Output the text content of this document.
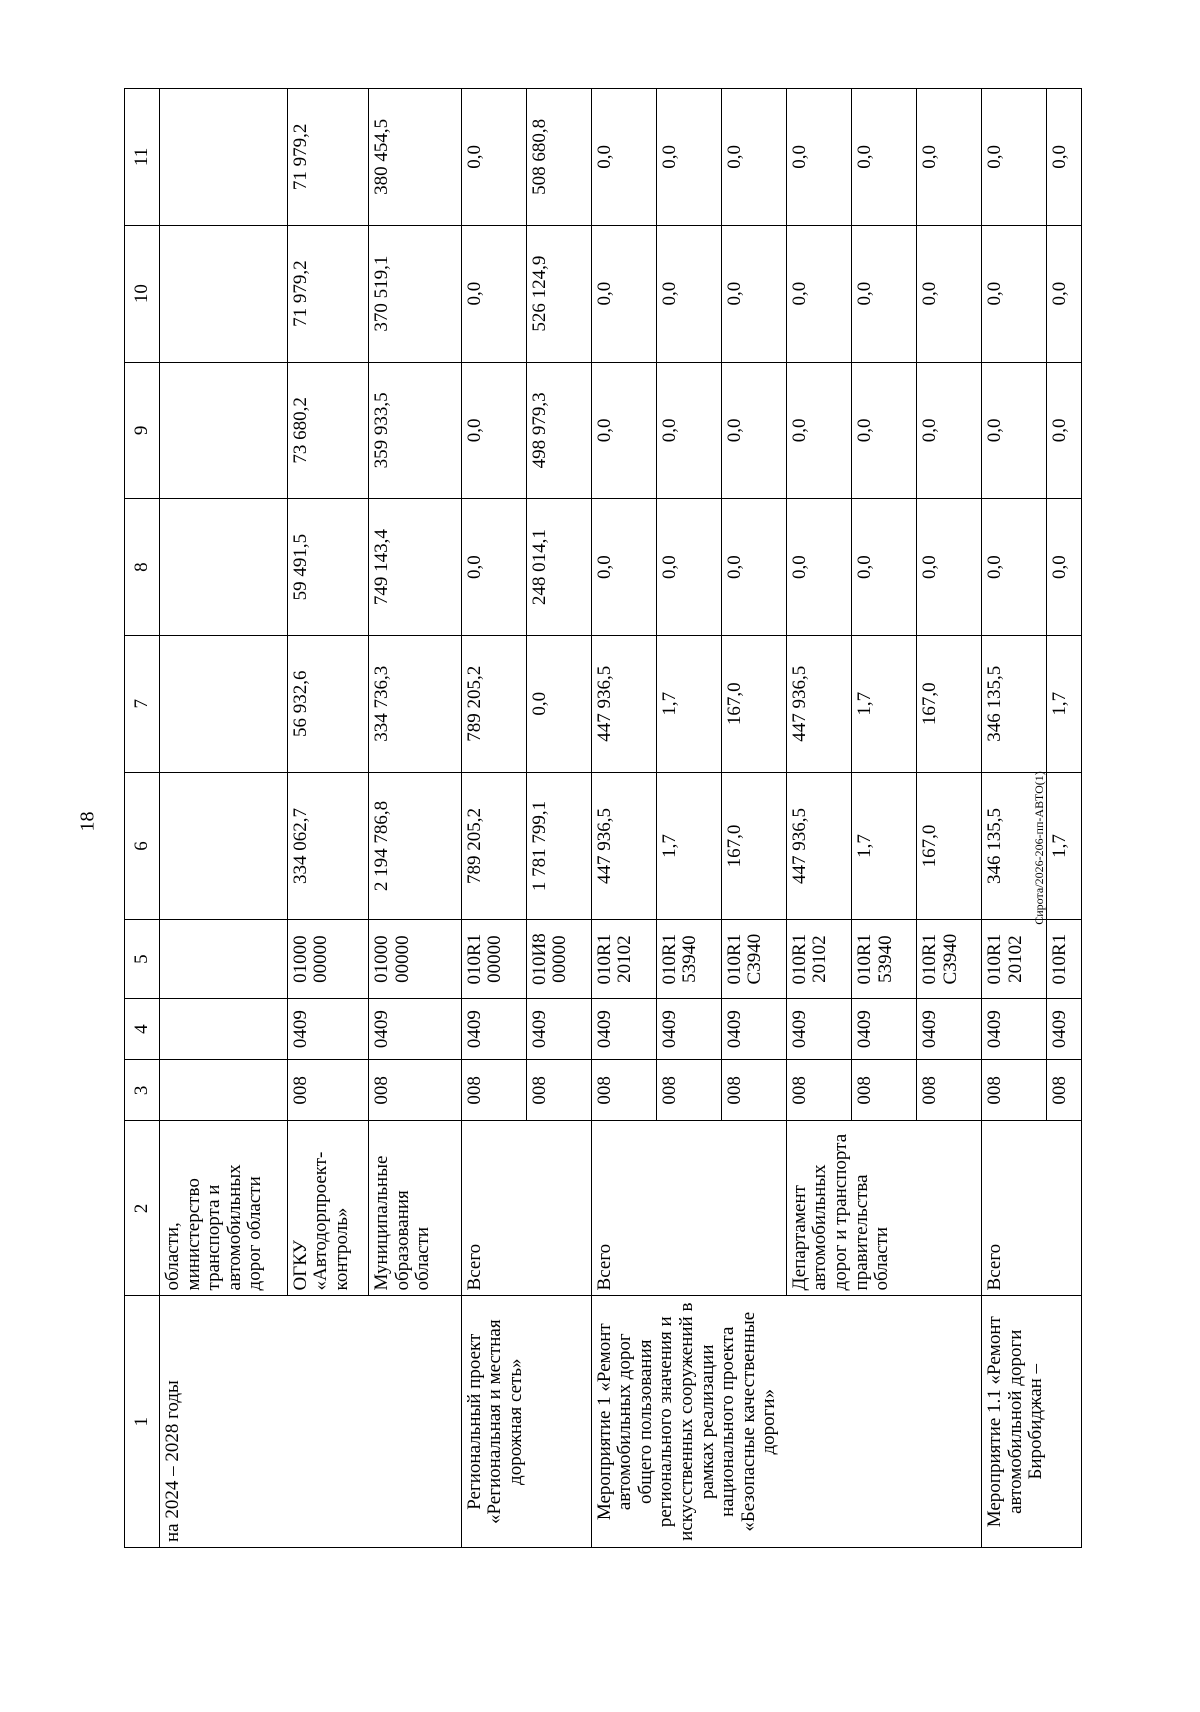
18	Сирота/2026-206-пп-АВТО(1)
1	2	3	4	5	6	7	8	9	10	11
на 2024 – 2028 годы	области, министерство транспорта и автомобильных дорог области									
	ОГКУ «Автодорпроект-контроль»	008	0409	01000 00000	334 062,7	56 932,6	59 491,5	73 680,2	71 979,2	71 979,2
	Муниципальные образования области	008	0409	01000 00000	2 194 786,8	334 736,3	749 143,4	359 933,5	370 519,1	380 454,5
Региональный проект «Региональная и местная дорожная сеть»	Всего	008	0409	010R1 00000	789 205,2	789 205,2	0,0	0,0	0,0	0,0
		008	0409	010И8 00000	1 781 799,1	0,0	248 014,1	498 979,3	526 124,9	508 680,8
Мероприятие 1 «Ремонт автомобильных дорог общего пользования регионального значения и искусственных сооружений в рамках реализации национального проекта «Безопасные качественные дороги»	Всего	008	0409	010R1 20102	447 936,5	447 936,5	0,0	0,0	0,0	0,0
		008	0409	010R1 53940	1,7	1,7	0,0	0,0	0,0	0,0
		008	0409	010R1 С3940	167,0	167,0	0,0	0,0	0,0	0,0
	Департамент автомобильных дорог и транспорта правительства области	008	0409	010R1 20102	447 936,5	447 936,5	0,0	0,0	0,0	0,0
		008	0409	010R1 53940	1,7	1,7	0,0	0,0	0,0	0,0
		008	0409	010R1 С3940	167,0	167,0	0,0	0,0	0,0	0,0
Мероприятие 1.1 «Ремонт автомобильной дороги Биробиджан –	Всего	008	0409	010R1 20102	346 135,5	346 135,5	0,0	0,0	0,0	0,0
		008	0409	010R1	1,7	1,7	0,0	0,0	0,0	0,0
